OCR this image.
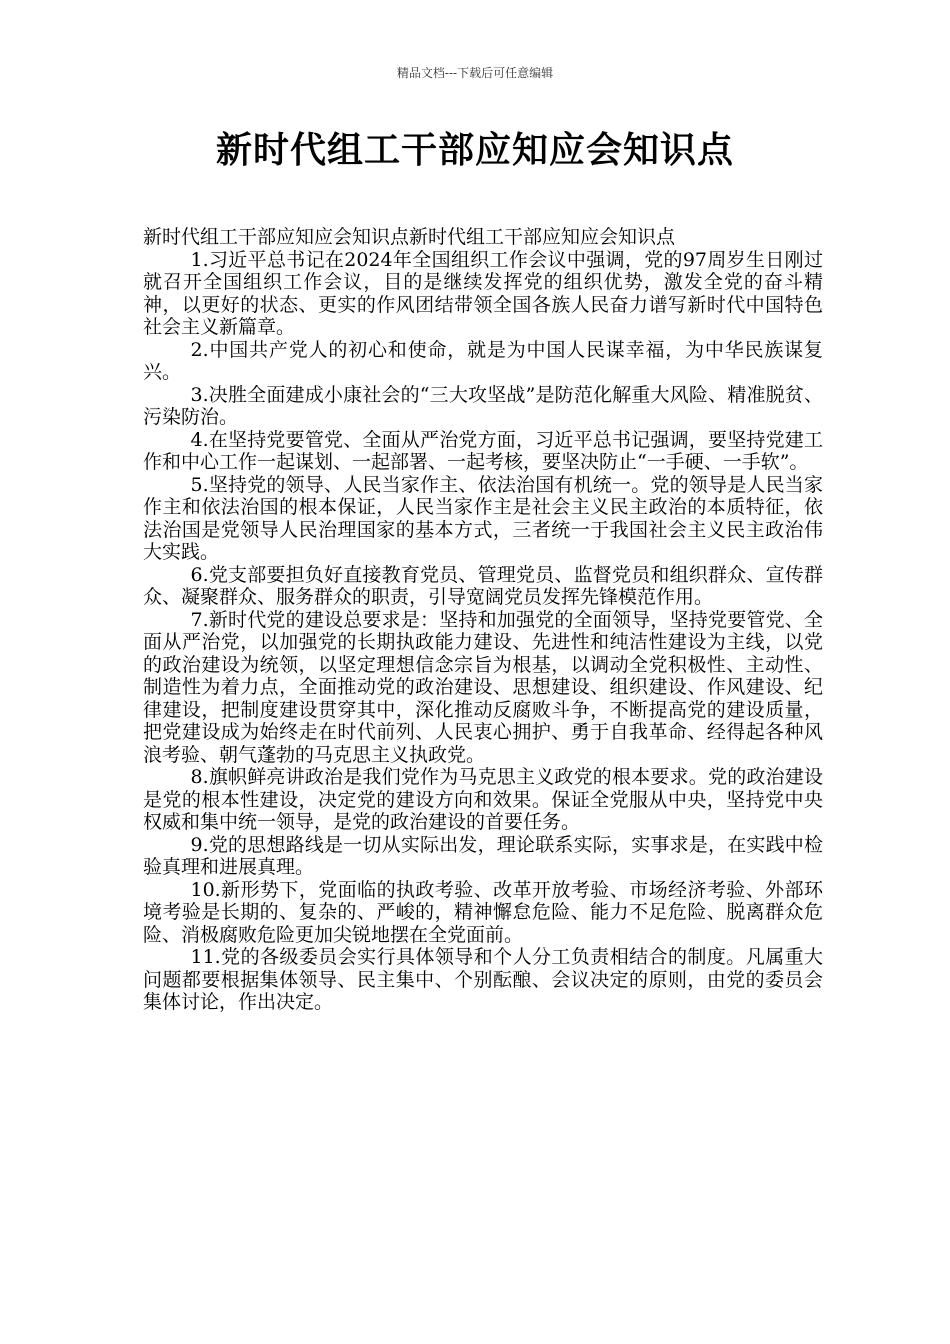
精品文档---下载后可任意编辑
新时代组工干部应知应会知识点

新时代组工干部应知应会知识点新时代组工干部应知应会知识点

1.习近平总书记在2024年全国组织工作会议中强调，党的97周岁生日刚过就召开全国组织工作会议，目的是继续发挥党的组织优势，激发全党的奋斗精神，以更好的状态、更实的作风团结带领全国各族人民奋力谱写新时代中国特色社会主义新篇章。

2.中国共产党人的初心和使命，就是为中国人民谋幸福，为中华民族谋复兴。

3.决胜全面建成小康社会的“三大攻坚战”是防范化解重大风险、精准脱贫、污染防治。

4.在坚持党要管党、全面从严治党方面，习近平总书记强调，要坚持党建工作和中心工作一起谋划、一起部署、一起考核，要坚决防止“一手硬、一手软”。

5.坚持党的领导、人民当家作主、依法治国有机统一。党的领导是人民当家作主和依法治国的根本保证，人民当家作主是社会主义民主政治的本质特征，依法治国是党领导人民治理国家的基本方式，三者统一于我国社会主义民主政治伟大实践。

6.党支部要担负好直接教育党员、管理党员、监督党员和组织群众、宣传群众、凝聚群众、服务群众的职责，引导宽阔党员发挥先锋模范作用。

7.新时代党的建设总要求是：坚持和加强党的全面领导，坚持党要管党、全面从严治党，以加强党的长期执政能力建设、先进性和纯洁性建设为主线，以党的政治建设为统领，以坚定理想信念宗旨为根基，以调动全党积极性、主动性、制造性为着力点，全面推动党的政治建设、思想建设、组织建设、作风建设、纪律建设，把制度建设贯穿其中，深化推动反腐败斗争，不断提高党的建设质量，把党建设成为始终走在时代前列、人民衷心拥护、勇于自我革命、经得起各种风浪考验、朝气蓬勃的马克思主义执政党。

8.旗帜鲜亮讲政治是我们党作为马克思主义政党的根本要求。党的政治建设是党的根本性建设，决定党的建设方向和效果。保证全党服从中央，坚持党中央权威和集中统一领导，是党的政治建设的首要任务。

9.党的思想路线是一切从实际出发，理论联系实际，实事求是，在实践中检验真理和进展真理。

10.新形势下，党面临的执政考验、改革开放考验、市场经济考验、外部环境考验是长期的、复杂的、严峻的，精神懈怠危险、能力不足危险、脱离群众危险、消极腐败危险更加尖锐地摆在全党面前。

11.党的各级委员会实行具体领导和个人分工负责相结合的制度。凡属重大问题都要根据集体领导、民主集中、个别酝酿、会议决定的原则，由党的委员会集体讨论，作出决定。
